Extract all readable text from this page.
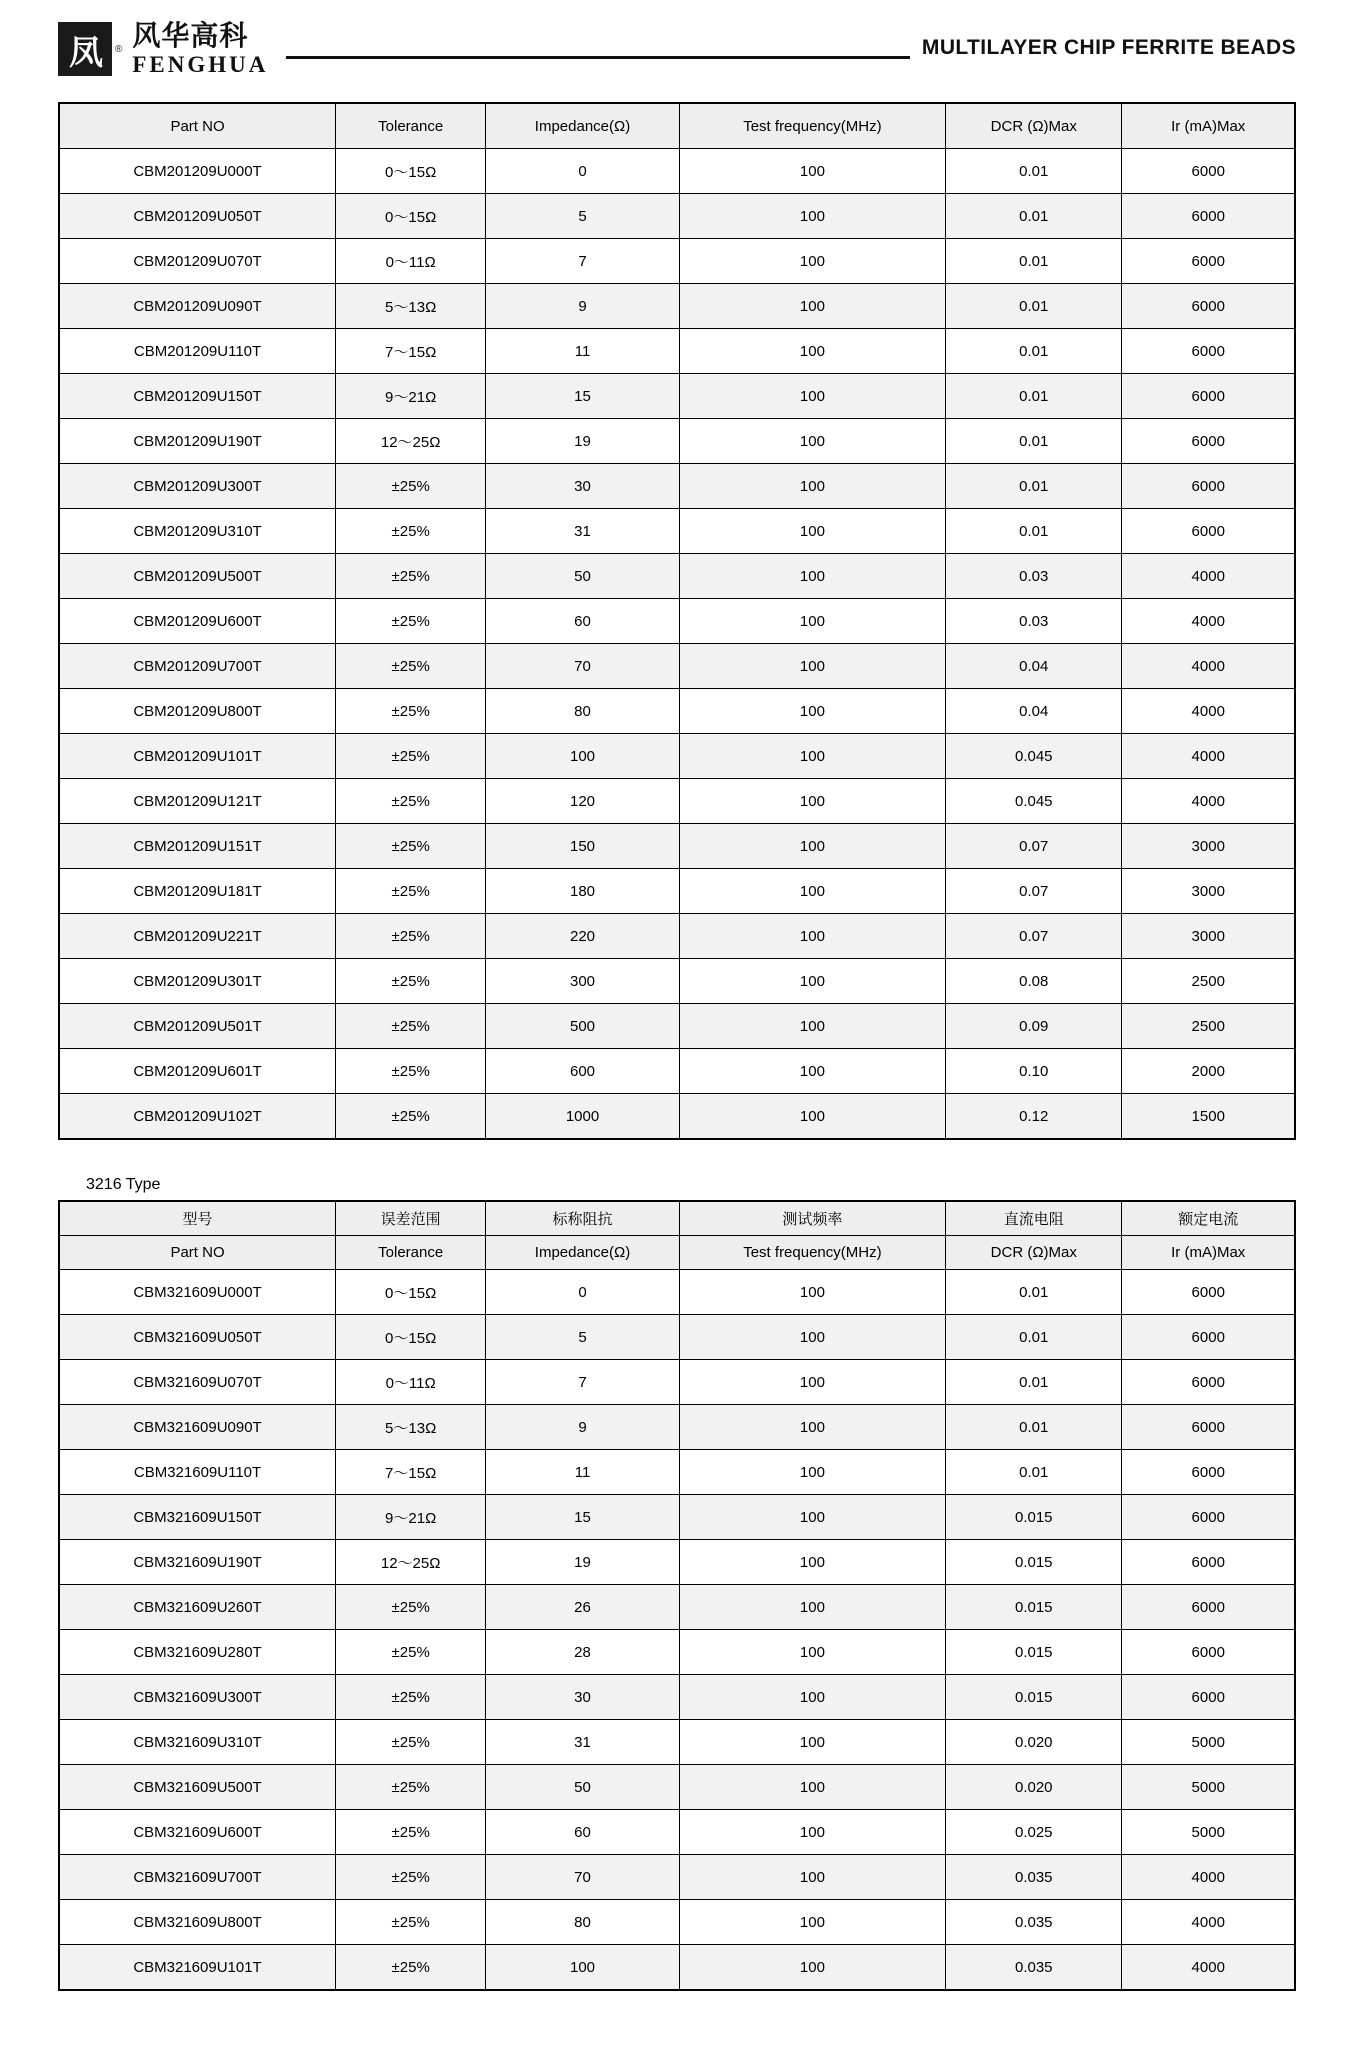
凤	® 风华高科
FENGHUA
MULTILAYER CHIP FERRITE BEADS
Part NO	Tolerance	Impedance(Ω)	Test frequency(MHz)	DCR (Ω)Max	Ir (mA)Max
CBM201209U000T	0～15Ω	0	100	0.01	6000
CBM201209U050T	0～15Ω	5	100	0.01	6000
CBM201209U070T	0～11Ω	7	100	0.01	6000
CBM201209U090T	5～13Ω	9	100	0.01	6000
CBM201209U110T	7～15Ω	11	100	0.01	6000
CBM201209U150T	9～21Ω	15	100	0.01	6000
CBM201209U190T	12～25Ω	19	100	0.01	6000
CBM201209U300T	±25%	30	100	0.01	6000
CBM201209U310T	±25%	31	100	0.01	6000
CBM201209U500T	±25%	50	100	0.03	4000
CBM201209U600T	±25%	60	100	0.03	4000
CBM201209U700T	±25%	70	100	0.04	4000
CBM201209U800T	±25%	80	100	0.04	4000
CBM201209U101T	±25%	100	100	0.045	4000
CBM201209U121T	±25%	120	100	0.045	4000
CBM201209U151T	±25%	150	100	0.07	3000
CBM201209U181T	±25%	180	100	0.07	3000
CBM201209U221T	±25%	220	100	0.07	3000
CBM201209U301T	±25%	300	100	0.08	2500
CBM201209U501T	±25%	500	100	0.09	2500
CBM201209U601T	±25%	600	100	0.10	2000
CBM201209U102T	±25%	1000	100	0.12	1500
3216 Type
型号	误差范围	标称阻抗	测试频率	直流电阻	额定电流
Part NO	Tolerance	Impedance(Ω)	Test frequency(MHz)	DCR (Ω)Max	Ir (mA)Max
CBM321609U000T	0～15Ω	0	100	0.01	6000
CBM321609U050T	0～15Ω	5	100	0.01	6000
CBM321609U070T	0～11Ω	7	100	0.01	6000
CBM321609U090T	5～13Ω	9	100	0.01	6000
CBM321609U110T	7～15Ω	11	100	0.01	6000
CBM321609U150T	9～21Ω	15	100	0.015	6000
CBM321609U190T	12～25Ω	19	100	0.015	6000
CBM321609U260T	±25%	26	100	0.015	6000
CBM321609U280T	±25%	28	100	0.015	6000
CBM321609U300T	±25%	30	100	0.015	6000
CBM321609U310T	±25%	31	100	0.020	5000
CBM321609U500T	±25%	50	100	0.020	5000
CBM321609U600T	±25%	60	100	0.025	5000
CBM321609U700T	±25%	70	100	0.035	4000
CBM321609U800T	±25%	80	100	0.035	4000
CBM321609U101T	±25%	100	100	0.035	4000
